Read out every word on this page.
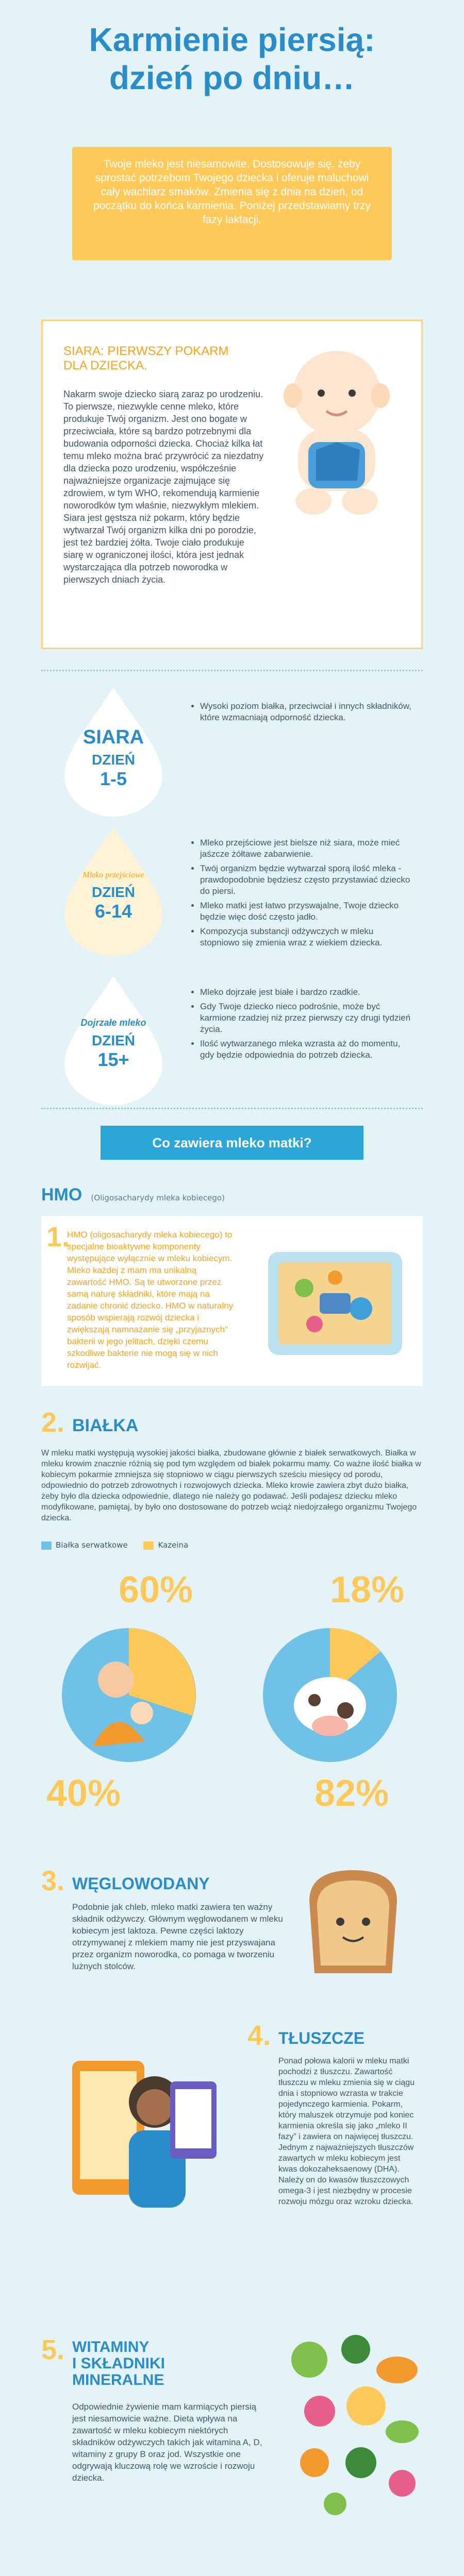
Karmienie piersią:
dzień po dniu…
Twoje mleko jest niesamowite. Dostosowuje się, żeby sprostać potrzebom Twojego dziecka i oferuje maluchowi cały wachlarz smaków. Zmienia się z dnia na dzień, od początku do końca karmienia. Poniżej przedstawiamy trzy fazy laktacji.
SIARA: PIERWSZY POKARM DLA DZIECKA.
Nakarm swoje dziecko siarą zaraz po urodzeniu. To pierwsze, niezwykle cenne mleko, które produkuje Twój organizm. Jest ono bogate w przeciwciała, które są bardzo potrzebnymi dla budowania odporności dziecka. Chociaż kilka łat temu mleko można brać przywrócić za niezdatny dla dziecka pozo urodzeniu, współcześnie najważniejsze organizacje zajmujące się zdrowiem, w tym WHO, rekomendują karmienie noworodków tym właśnie, niezwykłym mlekiem. Siara jest gęstsza niż pokarm, który będzie wytwarzał Twój organizm kilka dni po porodzie, jest też bardziej żółta. Twoje ciało produkuje siarę w ograniczonej ilości, która jest jednak wystarczająca dla potrzeb noworodka w pierwszych dniach życia.
SIARA
DZIEŃ
1-5
• Wysoki poziom białka, przeciwciał i innych składników, które wzmacniają odporność dziecka.
Mleko przejściowe
DZIEŃ
6-14
• Mleko przejściowe jest bielsze niż siara, może mieć jaśzcze żółtawe zabarwienie.
• Twój organizm będzie wytwarzał sporą ilość mleka - prawdopodobnie będziesz często przystawiać dziecko do piersi.
• Mleko matki jest łatwo przyswajalne, Twoje dziecko będzie więc dość często jadło.
• Kompozycja substancji odżywczych w mleku stopniowo się zmienia wraz z wiekiem dziecka.
Dojrzałe mleko
DZIEŃ
15+
• Mleko dojrzałe jest białe i bardzo rzadkie.
• Gdy Twoje dziecko nieco podrośnie, może być karmione rzadziej niż przez pierwszy czy drugi tydzień życia.
• Ilość wytwarzanego mleka wzrasta aż do momentu, gdy będzie odpowiednia do potrzeb dziecka.
Co zawiera mleko matki?
HMO (Oligosacharydy mleka kobiecego)
1.
HMO (oligosacharydy mleka kobiecego) to specjalne bioaktywne komponenty występujące wyłącznie w mleku kobiecym. Mleko każdej z mam ma unikalną zawartość HMO. Są te utworzone przez samą naturę składniki, które mają na zadanie chronić dziecko. HMO w naturalny sposób wspierają rozwój dziecka i zwiększają namnażanie się „przyjaznych” bakterii w jego jelitach, dzięki czemu szkodliwe bakterie nie mogą się w nich rozwijać.
2. BIAŁKA
W mleku matki występują wysokiej jakości białka, zbudowane głównie z białek serwatkowych. Białka w mleku krowim znacznie różnią się pod tym względem od białek pokarmu mamy. Co ważne ilość białka w kobiecym pokarmie zmniejsza się stopniowo w ciągu pierwszych sześciu miesięcy od porodu, odpowiednio do potrzeb zdrowotnych i rozwojowych dziecka. Mleko krowie zawiera zbyt dużo białka, żeby było dla dziecka odpowiednie, dlatego nie należy go podawać. Jeśli podajesz dziecku mleko modyfikowane, pamiętaj, by było ono dostosowane do potrzeb wciąż niedojrzałego organizmu Twojego dziecka.
Białka serwatkowe	Kazeina
60%
40%
18%
82%
3. WĘGLOWODANY
Podobnie jak chleb, mleko matki zawiera ten ważny składnik odżywczy. Głównym węglowodanem w mleku kobiecym jest laktoza. Pewne części laktozy otrzymywanej z mlekiem mamy nie jest przyswajana przez organizm noworodka, co pomaga w tworzeniu lużnych stolców.
4. TŁUSZCZE
Ponad połowa kalorii w mleku matki pochodzi z tłuszczu. Zawartość tłuszczu w mleku zmienia się w ciągu dnia i stopniowo wzrasta w trakcie pojedynczego karmienia. Pokarm, który maluszek otrzymuje pod koniec karmienia określa się jako „mleko II fazy” i zawiera on najwięcej tłuszczu. Jednym z najważniejszych tłuszczów zawartych w mleku kobiecym jest kwas dokozaheksaenowy (DHA). Należy on do kwasów tłuszczowych omega-3 i jest niezbędny w procesie rozwoju mózgu oraz wzroku dziecka.
5. WITAMINY
I SKŁADNIKI
MINERALNE
Odpowiednie żywienie mam karmiących piersią jest niesamowicie ważne. Dieta wpływa na zawartość w mleku kobiecym niektórych składników odżywczych takich jak witamina A, D, witaminy z grupy B oraz jod. Wszystkie one odgrywają kluczową rolę we wzroście i rozwoju dziecka.
